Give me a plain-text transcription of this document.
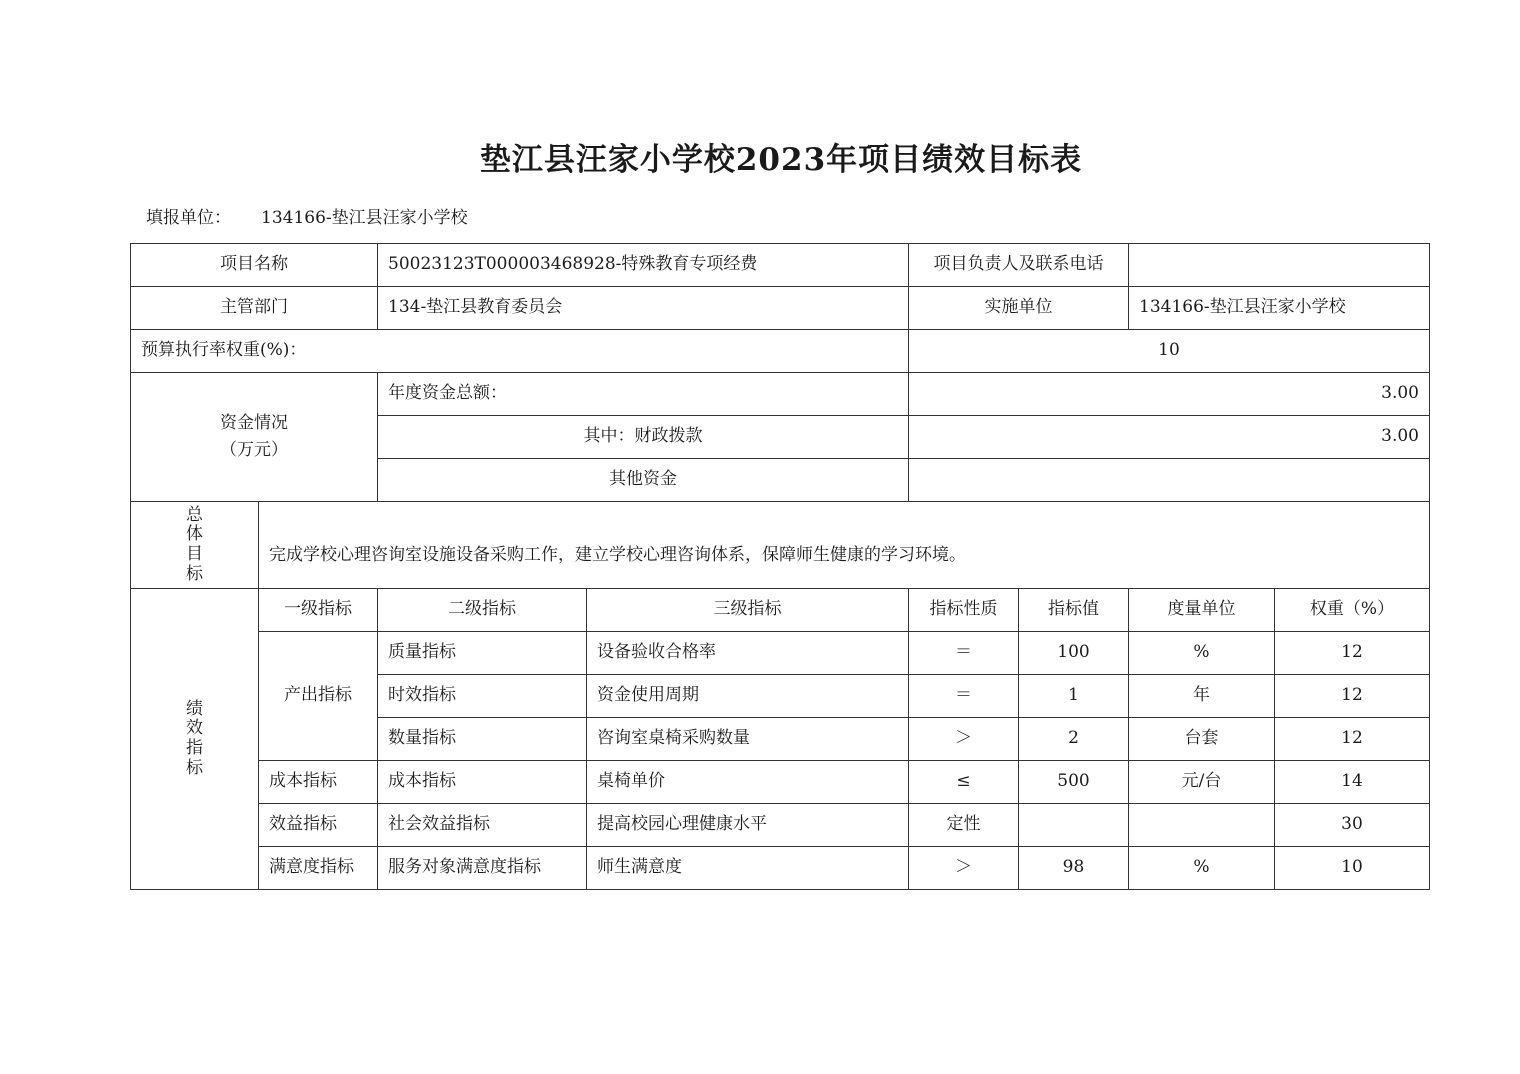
垫江县汪家小学校2023年项目绩效目标表
填报单位： 134166-垫江县汪家小学校
项目名称		50023123T000003468928-特殊教育专项经费		项目负责人及联系电话			
主管部门		134-垫江县教育委员会		实施单位		134166-垫江县汪家小学校	
预算执行率权重(%)：				10			

资金情况
（万元）		年度资金总额：		3.00			
		其中：财政拨款		3.00			
		其他资金					

总
体
目
标	完成学校心理咨询室设施设备采购工作，建立学校心理咨询体系，保障师生健康的学习环境。						

绩
效
指
标	一级指标	二级指标	三级指标	指标性质	指标值	度量单位	权重（%）
	产出指标	质量指标	设备验收合格率	＝	100	%	12
		时效指标	资金使用周期	＝	1	年	12
		数量指标	咨询室桌椅采购数量	＞	2	台套	12
	成本指标	成本指标	桌椅单价	≤	500	元/台	14
	效益指标	社会效益指标	提高校园心理健康水平	定性			30
	满意度指标	服务对象满意度指标	师生满意度	＞	98	%	10
